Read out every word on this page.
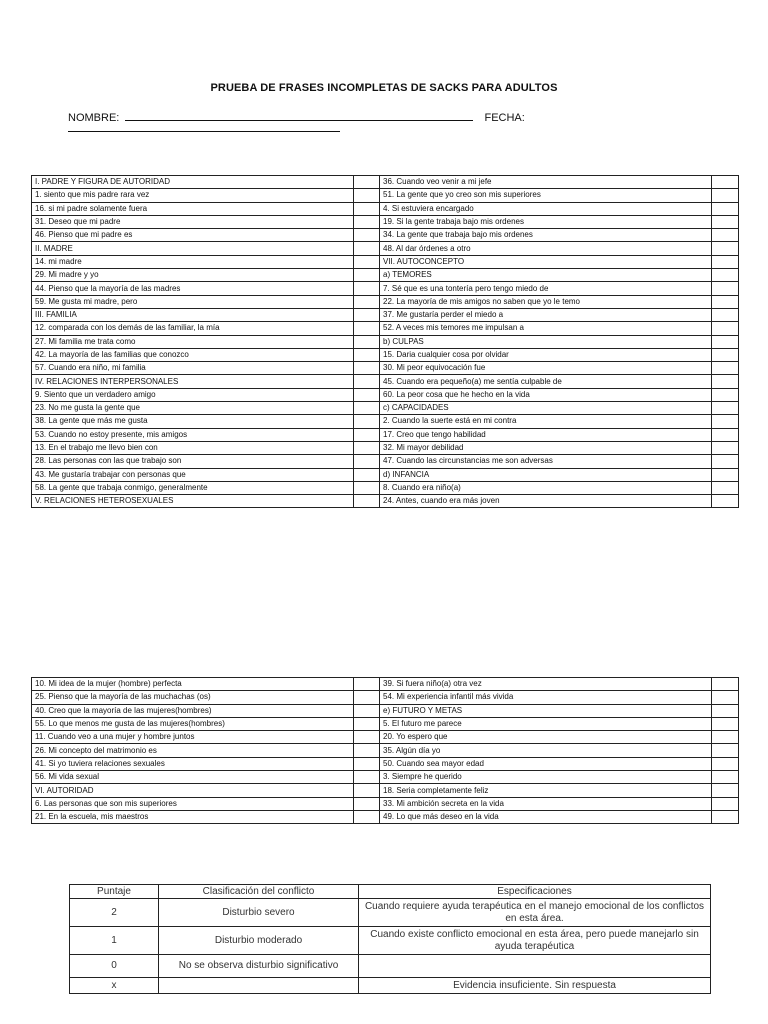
PRUEBA DE FRASES INCOMPLETAS DE SACKS PARA ADULTOS
NOMBRE:	FECHA:
I. PADRE Y FIGURA DE AUTORIDAD		36. Cuando veo venir a mi jefe	
1. siento que mis padre rara vez		51. La gente que yo creo son mis superiores	
16. si mi padre solamente fuera		4. Si estuviera encargado	
31. Deseo que mi padre		19. Si la gente trabaja bajo mis ordenes	
46. Pienso que mi padre es		34. La gente que trabaja bajo mis ordenes	
II. MADRE		48. Al dar órdenes a otro	
14. mi madre		VII. AUTOCONCEPTO	
29. Mi madre y yo		a) TEMORES	
44. Pienso que la mayoría de las madres		7. Sé que es una tontería pero tengo miedo de	
59. Me gusta mi madre, pero		22. La mayoría de mis amigos no saben que yo le temo	
III. FAMILIA		37. Me gustaría perder el miedo a	
12. comparada con los demás de las familiar, la mía		52. A veces mis temores me impulsan a	
27. Mi familia me trata como		b) CULPAS	
42. La mayoría de las familias que conozco		15. Daria cualquier cosa por olvidar	
57. Cuando era niño, mi familia		30. Mi peor equivocación fue	
IV. RELACIONES INTERPERSONALES		45. Cuando era pequeño(a) me sentía culpable de	
9. Siento que un verdadero amigo		60. La peor cosa que he hecho en la vida	
23. No me gusta la gente que		c) CAPACIDADES	
38. La gente que más me gusta		2. Cuando la suerte está en mi contra	
53. Cuando no estoy presente, mis amigos		17. Creo que tengo habilidad	
13. En el trabajo me llevo bien con		32. Mi mayor debilidad	
28. Las personas con las que trabajo son		47. Cuando las circunstancias me son adversas	
43. Me gustaría trabajar con personas que		d) INFANCIA	
58. La gente que trabaja conmigo, generalmente		8. Cuando era niño(a)	
V. RELACIONES HETEROSEXUALES		24. Antes, cuando era más joven	
10. Mi idea de la mujer (hombre) perfecta		39. Si fuera niño(a) otra vez	
25. Pienso que la mayoría de las muchachas (os)		54. Mi experiencia infantil más vivida	
40. Creo que la mayoría de las mujeres(hombres)		e) FUTURO Y METAS	
55. Lo que menos me gusta de las mujeres(hombres)		5. El futuro me parece	
11. Cuando veo a una mujer y hombre juntos		20. Yo espero que	
26. Mi concepto del matrimonio es		35. Algún día yo	
41. Si yo tuviera relaciones sexuales		50. Cuando sea mayor edad	
56. Mi vida sexual		3. Siempre he querido	
VI. AUTORIDAD		18. Seria completamente feliz	
6. Las personas que son mis superiores		33. Mi ambición secreta en la vida	
21. En la escuela, mis maestros		49. Lo que más deseo en la vida	
Puntaje	Clasificación del conflicto	Especificaciones
2	Disturbio severo	Cuando requiere ayuda terapéutica en el manejo emocional de los conflictos en esta área.
1	Disturbio moderado	Cuando existe conflicto emocional en esta área, pero puede manejarlo sin ayuda terapéutica
0	No se observa disturbio significativo	
x		Evidencia insuficiente. Sin respuesta
